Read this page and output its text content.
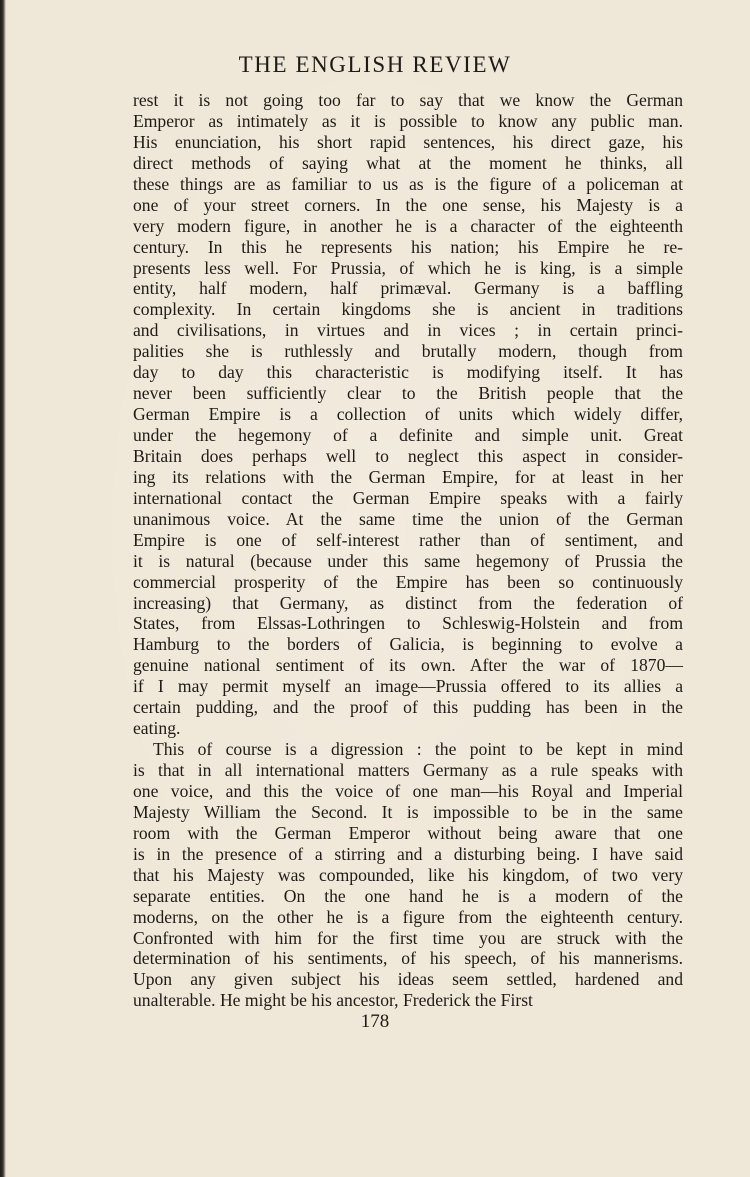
THE ENGLISH REVIEW
rest it is not going too far to say that we know the German
Emperor as intimately as it is possible to know any public man.
His enunciation, his short rapid sentences, his direct gaze, his
direct methods of saying what at the moment he thinks, all
these things are as familiar to us as is the figure of a policeman at
one of your street corners. In the one sense, his Majesty is a
very modern figure, in another he is a character of the eighteenth
century. In this he represents his nation; his Empire he re-
presents less well. For Prussia, of which he is king, is a simple
entity, half modern, half primæval. Germany is a baffling
complexity. In certain kingdoms she is ancient in traditions
and civilisations, in virtues and in vices ; in certain princi-
palities she is ruthlessly and brutally modern, though from
day to day this characteristic is modifying itself. It has
never been sufficiently clear to the British people that the
German Empire is a collection of units which widely differ,
under the hegemony of a definite and simple unit. Great
Britain does perhaps well to neglect this aspect in consider-
ing its relations with the German Empire, for at least in her
international contact the German Empire speaks with a fairly
unanimous voice. At the same time the union of the German
Empire is one of self-interest rather than of sentiment, and
it is natural (because under this same hegemony of Prussia the
commercial prosperity of the Empire has been so continuously
increasing) that Germany, as distinct from the federation of
States, from Elssas-Lothringen to Schleswig-Holstein and from
Hamburg to the borders of Galicia, is beginning to evolve a
genuine national sentiment of its own. After the war of 1870—
if I may permit myself an image—Prussia offered to its allies a
certain pudding, and the proof of this pudding has been in the
eating.
This of course is a digression : the point to be kept in mind
is that in all international matters Germany as a rule speaks with
one voice, and this the voice of one man—his Royal and Imperial
Majesty William the Second. It is impossible to be in the same
room with the German Emperor without being aware that one
is in the presence of a stirring and a disturbing being. I have said
that his Majesty was compounded, like his kingdom, of two very
separate entities. On the one hand he is a modern of the
moderns, on the other he is a figure from the eighteenth century.
Confronted with him for the first time you are struck with the
determination of his sentiments, of his speech, of his mannerisms.
Upon any given subject his ideas seem settled, hardened and
unalterable. He might be his ancestor, Frederick the First
178
